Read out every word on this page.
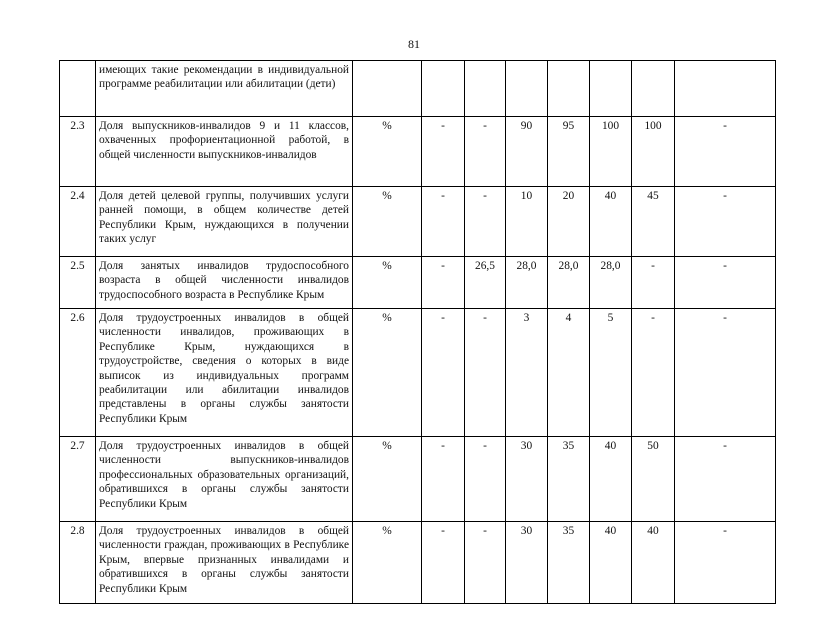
81
	имеющих такие рекомендации в индивидуальной программе реабилитации или абилитации (дети)								
2.3	Доля выпускников-инвалидов 9 и 11 классов, охваченных профориентационной работой, в общей численности выпускников-инвалидов	%	-	-	90	95	100	100	-
2.4	Доля детей целевой группы, получивших услуги ранней помощи, в общем количестве детей Республики Крым, нуждающихся в получении таких услуг	%	-	-	10	20	40	45	-
2.5	Доля занятых инвалидов трудоспособного возраста в общей численности инвалидов трудоспособного возраста в Республике Крым	%	-	26,5	28,0	28,0	28,0	-	-
2.6	Доля трудоустроенных инвалидов в общей численности инвалидов, проживающих в Республике Крым, нуждающихся в трудоустройстве, сведения о которых в виде выписок из индивидуальных программ реабилитации или абилитации инвалидов представлены в органы службы занятости Республики Крым	%	-	-	3	4	5	-	-
2.7	Доля трудоустроенных инвалидов в общей численности выпускников-инвалидов профессиональных образовательных организаций, обратившихся в органы службы занятости Республики Крым	%	-	-	30	35	40	50	-
2.8	Доля трудоустроенных инвалидов в общей численности граждан, проживающих в Республике Крым, впервые признанных инвалидами и обратившихся в органы службы занятости Республики Крым	%	-	-	30	35	40	40	-
